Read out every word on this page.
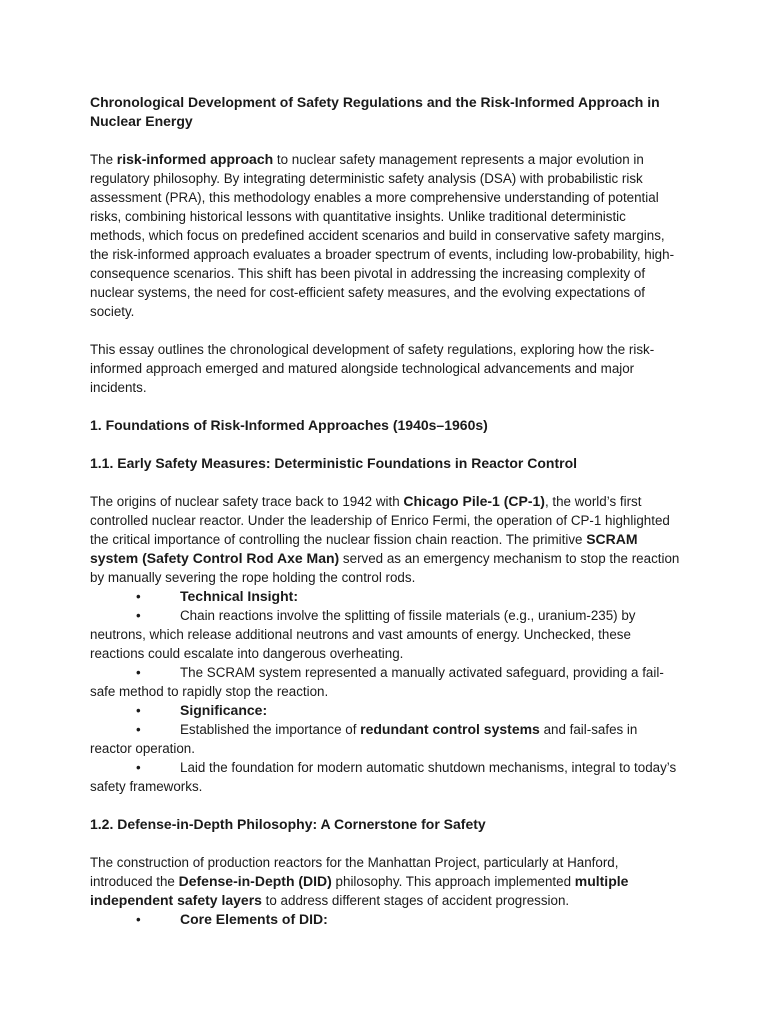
Chronological Development of Safety Regulations and the Risk-Informed Approach in Nuclear Energy

The risk-informed approach to nuclear safety management represents a major evolution in regulatory philosophy. By integrating deterministic safety analysis (DSA) with probabilistic risk assessment (PRA), this methodology enables a more comprehensive understanding of potential risks, combining historical lessons with quantitative insights. Unlike traditional deterministic methods, which focus on predefined accident scenarios and build in conservative safety margins, the risk-informed approach evaluates a broader spectrum of events, including low-probability, high-consequence scenarios. This shift has been pivotal in addressing the increasing complexity of nuclear systems, the need for cost-efficient safety measures, and the evolving expectations of society.

This essay outlines the chronological development of safety regulations, exploring how the risk-informed approach emerged and matured alongside technological advancements and major incidents.

1. Foundations of Risk-Informed Approaches (1940s–1960s)
1.1. Early Safety Measures: Deterministic Foundations in Reactor Control

The origins of nuclear safety trace back to 1942 with Chicago Pile-1 (CP-1), the world’s first controlled nuclear reactor. Under the leadership of Enrico Fermi, the operation of CP-1 highlighted the critical importance of controlling the nuclear fission chain reaction. The primitive SCRAM system (Safety Control Rod Axe Man) served as an emergency mechanism to stop the reaction by manually severing the rope holding the control rods.

•	Technical Insight:
•	Chain reactions involve the splitting of fissile materials (e.g., uranium-235) by neutrons, which release additional neutrons and vast amounts of energy. Unchecked, these reactions could escalate into dangerous overheating.
•	The SCRAM system represented a manually activated safeguard, providing a fail-safe method to rapidly stop the reaction.
•	Significance:
•	Established the importance of redundant control systems and fail-safes in reactor operation.
•	Laid the foundation for modern automatic shutdown mechanisms, integral to today’s safety frameworks.
1.2. Defense-in-Depth Philosophy: A Cornerstone for Safety

The construction of production reactors for the Manhattan Project, particularly at Hanford, introduced the Defense-in-Depth (DID) philosophy. This approach implemented multiple independent safety layers to address different stages of accident progression.

•	Core Elements of DID:
